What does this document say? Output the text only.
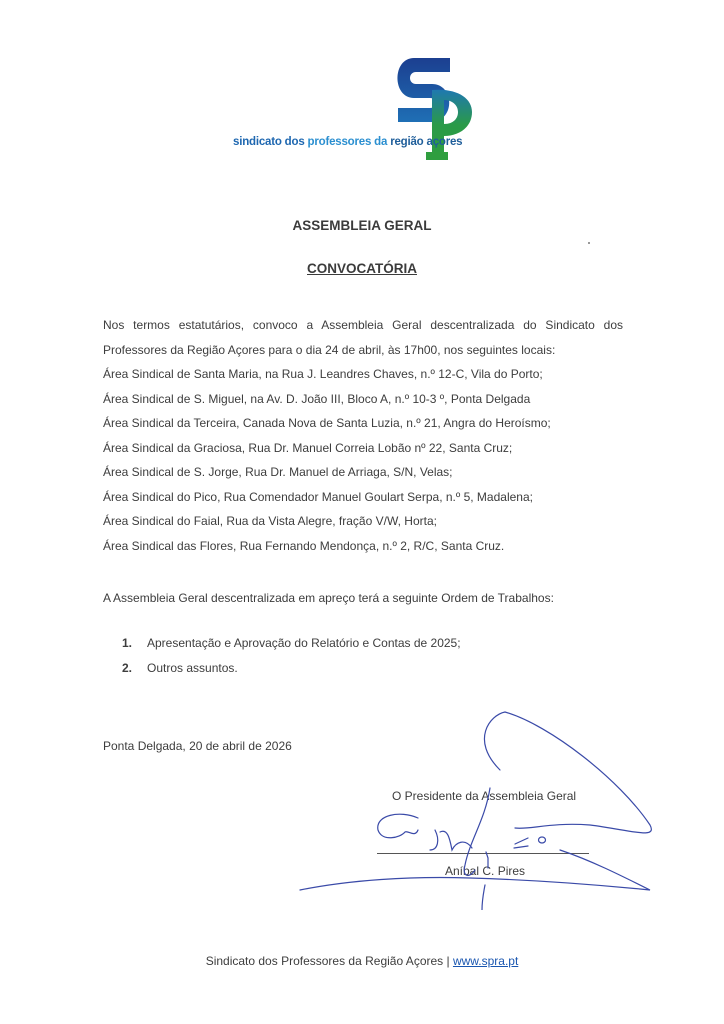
sindicato dos professores da região açores
ASSEMBLEIA GERAL
CONVOCATÓRIA
Nos termos estatutários, convoco a Assembleia Geral descentralizada do Sindicato dos
Professores da Região Açores para o dia 24 de abril, às 17h00, nos seguintes locais:
Área Sindical de Santa Maria, na Rua J. Leandres Chaves, n.º 12-C, Vila do Porto;
Área Sindical de S. Miguel, na Av. D. João III, Bloco A, n.º 10-3 º, Ponta Delgada
Área Sindical da Terceira, Canada Nova de Santa Luzia, n.º 21, Angra do Heroísmo;
Área Sindical da Graciosa, Rua Dr. Manuel Correia Lobão nº 22, Santa Cruz;
Área Sindical de S. Jorge, Rua Dr. Manuel de Arriaga, S/N, Velas;
Área Sindical do Pico, Rua Comendador Manuel Goulart Serpa, n.º 5, Madalena;
Área Sindical do Faial, Rua da Vista Alegre, fração V/W, Horta;
Área Sindical das Flores, Rua Fernando Mendonça, n.º 2, R/C, Santa Cruz.
A Assembleia Geral descentralizada em apreço terá a seguinte Ordem de Trabalhos:
1. Apresentação e Aprovação do Relatório e Contas de 2025;
2. Outros assuntos.
Ponta Delgada, 20 de abril de 2026
O Presidente da Assembleia Geral
Aníbal C. Pires
Sindicato dos Professores da Região Açores | www.spra.pt
